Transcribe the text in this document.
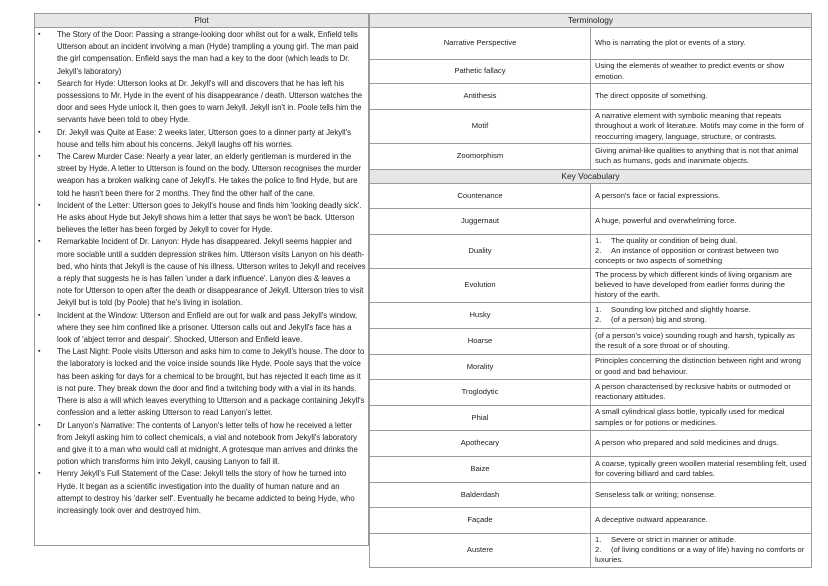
Plot

▪ The Story of the Door: Passing a strange-looking door whilst out for a walk, Enfield tells Utterson about an incident involving a man (Hyde) trampling a young girl. The man paid the girl compensation. Enfield says the man had a key to the door (which leads to Dr. Jekyll's laboratory)
▪ Search for Hyde: Utterson looks at Dr. Jekyll's will and discovers that he has left his possessions to Mr. Hyde in the event of his disappearance / death. Utterson watches the door and sees Hyde unlock it, then goes to warn Jekyll. Jekyll isn't in. Poole tells him the servants have been told to obey Hyde.
▪ Dr. Jekyll was Quite at Ease: 2 weeks later, Utterson goes to a dinner party at Jekyll's house and tells him about his concerns. Jekyll laughs off his worries.
▪ The Carew Murder Case: Nearly a year later, an elderly gentleman is murdered in the street by Hyde. A letter to Utterson is found on the body. Utterson recognises the murder weapon has a broken walking cane of Jekyll's. He takes the police to find Hyde, but are told he hasn't been there for 2 months. They find the other half of the cane.
▪ Incident of the Letter: Utterson goes to Jekyll's house and finds him 'looking deadly sick'. He asks about Hyde but Jekyll shows him a letter that says he won't be back. Utterson believes the letter has been forged by Jekyll to cover for Hyde.
▪ Remarkable Incident of Dr. Lanyon: Hyde has disappeared. Jekyll seems happier and more sociable until a sudden depression strikes him. Utterson visits Lanyon on his death-bed, who hints that Jekyll is the cause of his illness. Utterson writes to Jekyll and receives a reply that suggests he is has fallen 'under a dark influence'. Lanyon dies & leaves a note for Utterson to open after the death or disappearance of Jekyll. Utterson tries to visit Jekyll but is told (by Poole) that he's living in isolation.
▪ Incident at the Window: Utterson and Enfield are out for walk and pass Jekyll's window, where they see him confined like a prisoner. Utterson calls out and Jekyll's face has a look of 'abject terror and despair'. Shocked, Utterson and Enfield leave.
▪ The Last Night: Poole visits Utterson and asks him to come to Jekyll's house. The door to the laboratory is locked and the voice inside sounds like Hyde. Poole says that the voice has been asking for days for a chemical to be brought, but has rejected it each time as it is not pure. They break down the door and find a twitching body with a vial in its hands. There is also a will which leaves everything to Utterson and a package containing Jekyll's confession and a letter asking Utterson to read Lanyon's letter.
▪ Dr Lanyon's Narrative: The contents of Lanyon's letter tells of how he received a letter from Jekyll asking him to collect chemicals, a vial and notebook from Jekyll's laboratory and give it to a man who would call at midnight. A grotesque man arrives and drinks the potion which transforms him into Jekyll, causing Lanyon to fall ill.
▪ Henry Jekyll's Full Statement of the Case: Jekyll tells the story of how he turned into Hyde. It began as a scientific investigation into the duality of human nature and an attempt to destroy his 'darker self'. Eventually he became addicted to being Hyde, who increasingly took over and destroyed him.
Terminology	
Narrative Perspective	Who is narrating the plot or events of a story.
Pathetic fallacy	Using the elements of weather to predict events or show emotion.
Antithesis	The direct opposite of something.
Motif	A narrative element with symbolic meaning that repeats throughout a work of literature. Motifs may come in the form of reoccurring imagery, language, structure, or contrasts.
Zoomorphism	Giving animal-like qualities to anything that is not that animal such as humans, gods and inanimate objects.
Key Vocabulary	
Countenance	A person's face or facial expressions.
Juggernaut	A huge, powerful and overwhelming force.
Duality	1. The quality or condition of being dual.
2. An instance of opposition or contrast between two concepts or two aspects of something

Evolution	The process by which different kinds of living organism are believed to have developed from earlier forms during the history of the earth.
Husky	1. Sounding low pitched and slightly hoarse.
2. (of a person) big and strong.

Hoarse	(of a person's voice) sounding rough and harsh, typically as the result of a sore throat or of shouting.
Morality	Principles concerning the distinction between right and wrong or good and bad behaviour.
Troglodytic	A person characterised by reclusive habits or outmoded or reactionary attitudes.
Phial	A small cylindrical glass bottle, typically used for medical samples or for potions or medicines.
Apothecary	A person who prepared and sold medicines and drugs.
Baize	A coarse, typically green woollen material resembling felt, used for covering billiard and card tables.
Balderdash	Senseless talk or writing; nonsense.
Façade	A deceptive outward appearance.
Austere	1. Severe or strict in manner or attitude.
2. (of living conditions or a way of life) having no comforts or luxuries.
